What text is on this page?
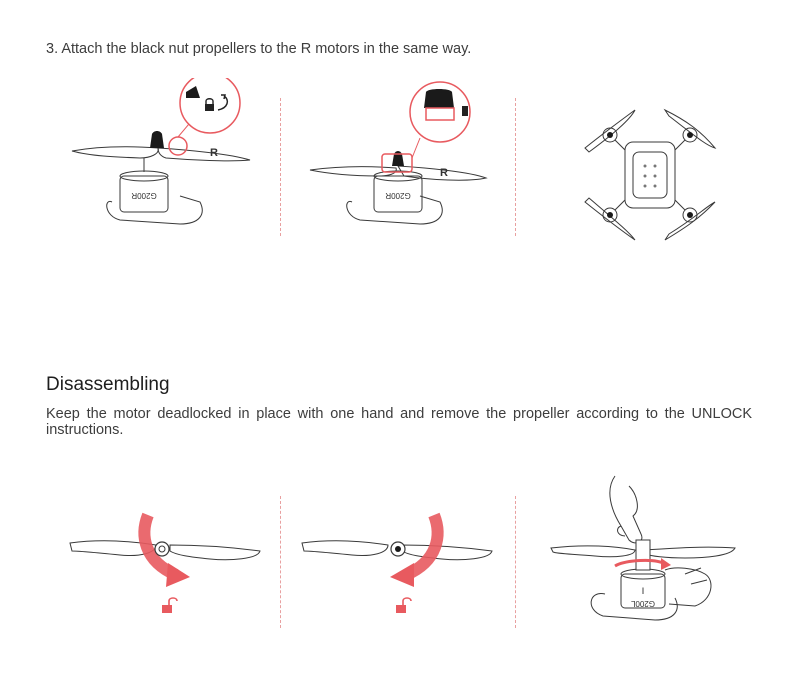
3. Attach the black nut propellers to the R motors in the same way.
G200R
R
G200R
R
Disassembling

Keep the motor deadlocked in place with one hand and remove the propeller according to the UNLOCK instructions.

I
G200L
